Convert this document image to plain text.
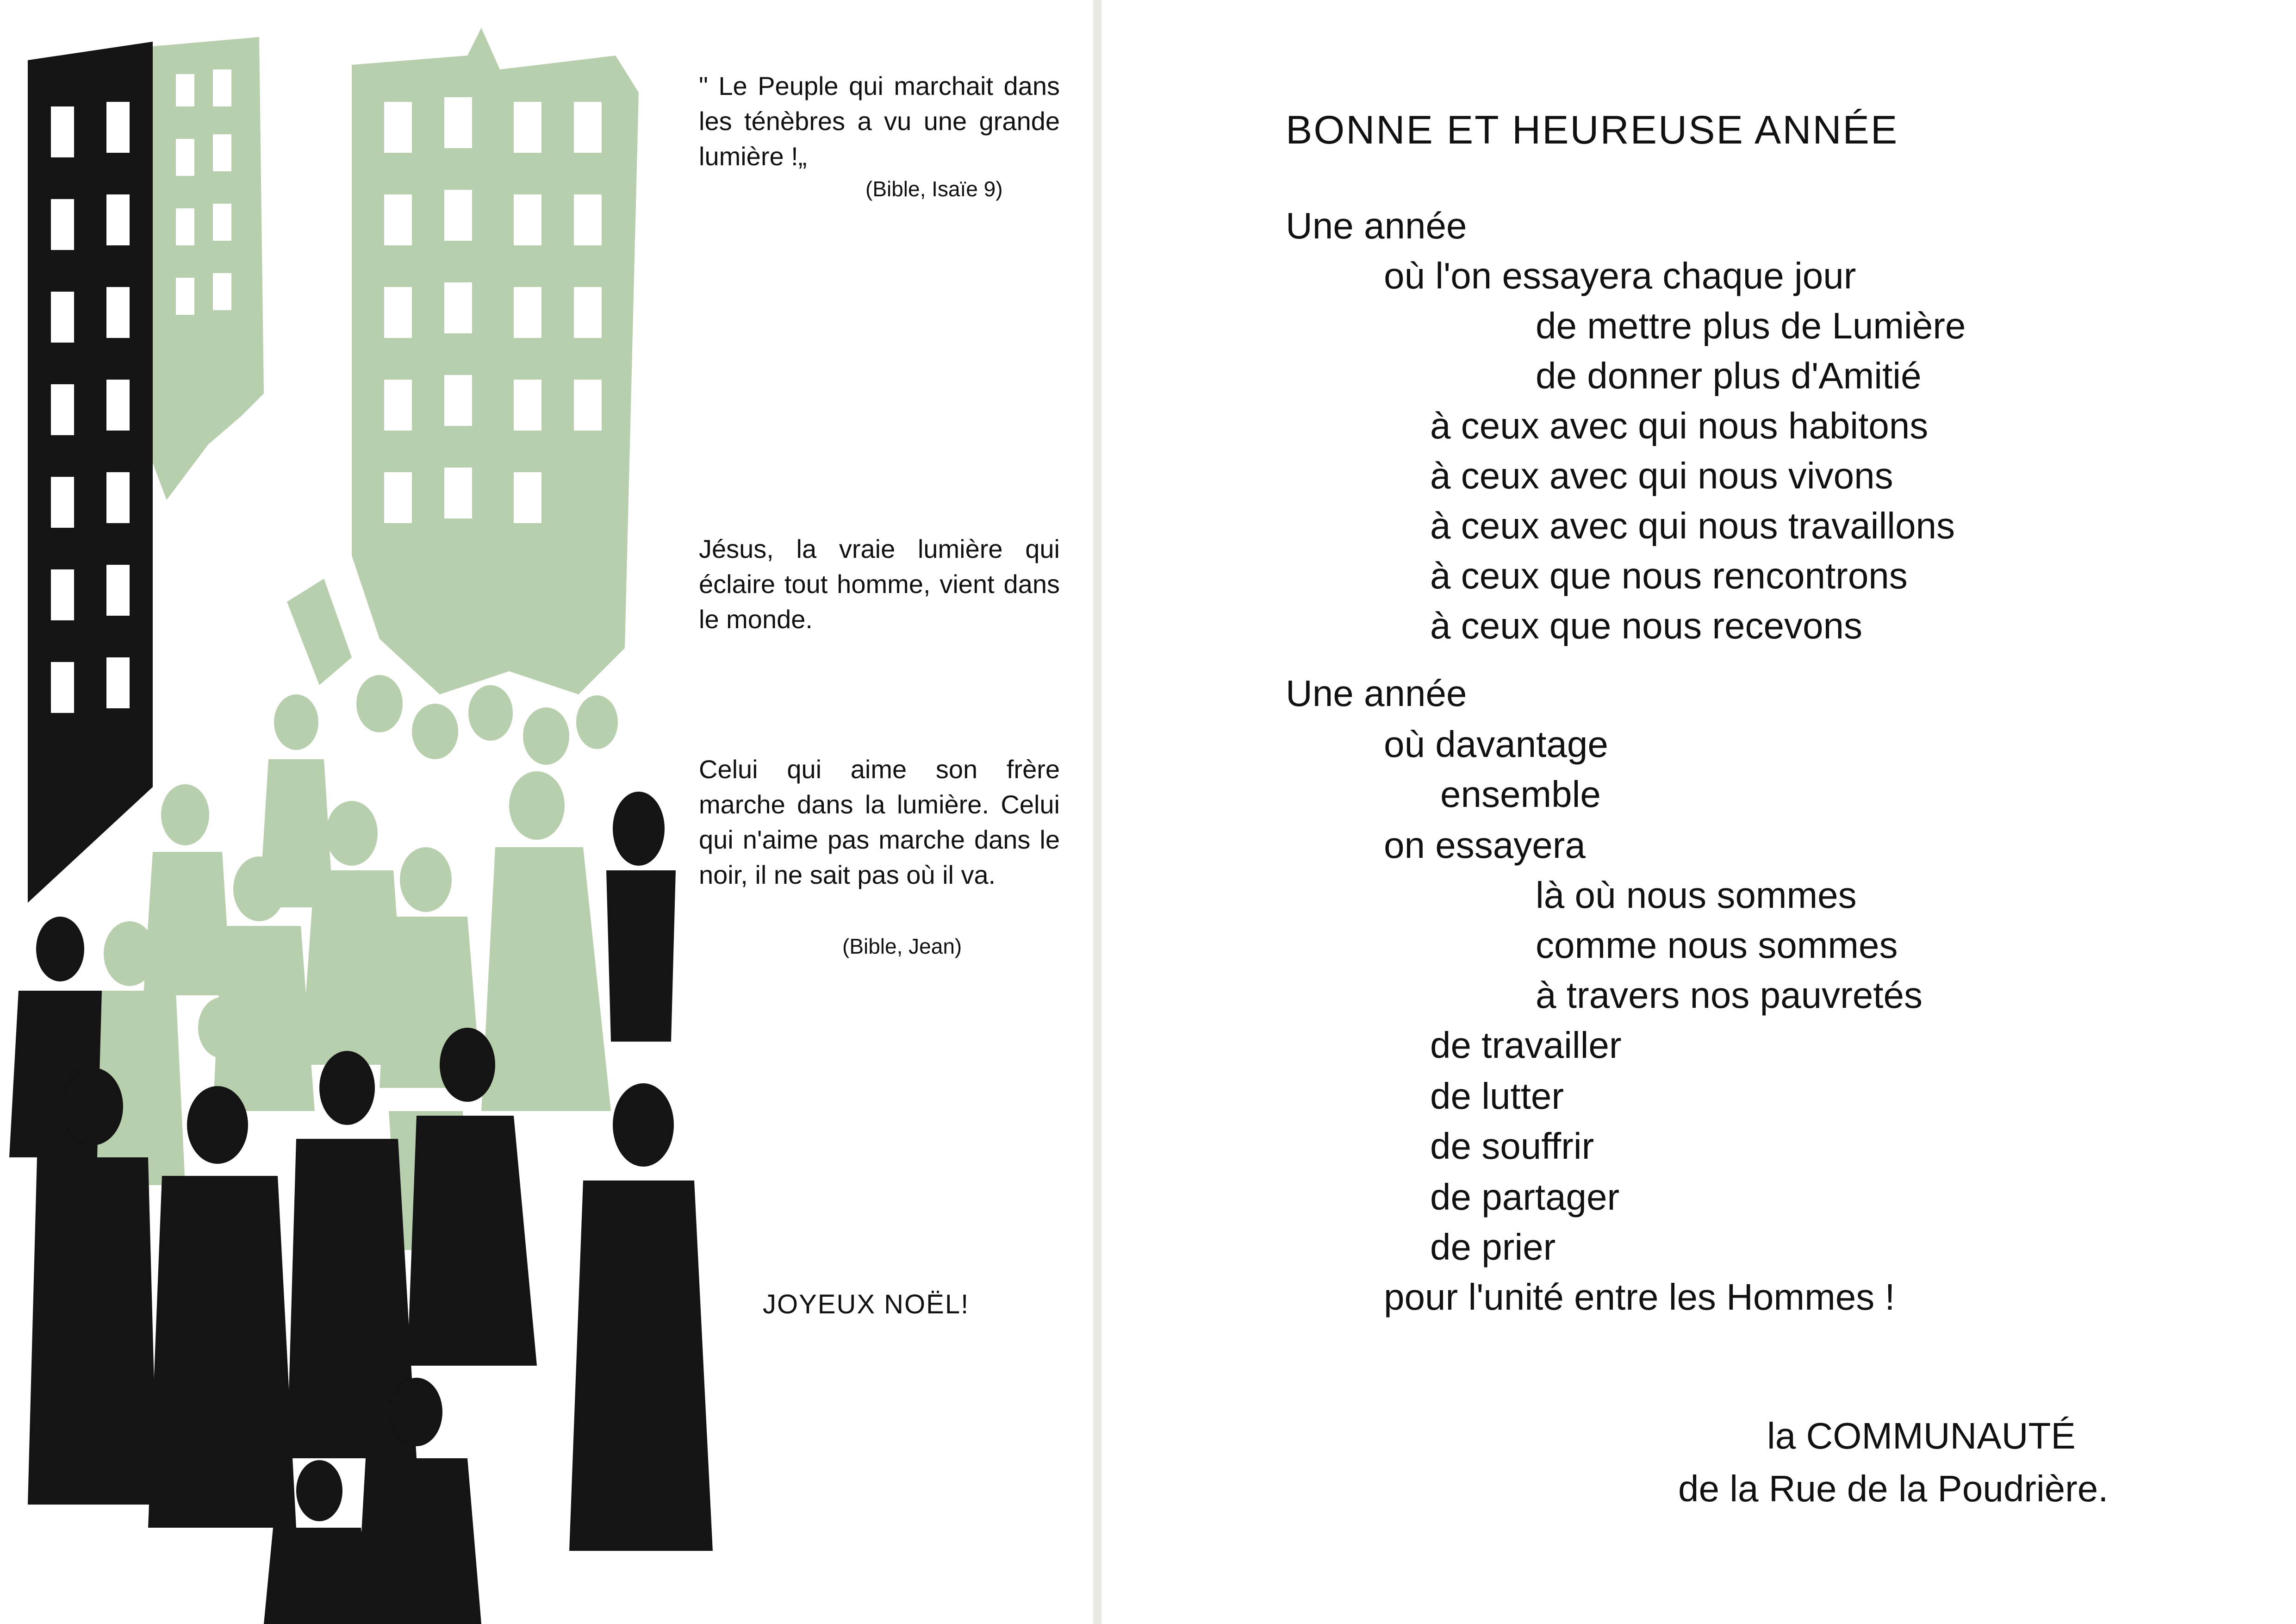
" Le Peuple qui marchait dans les ténèbres a vu une grande lumière !„
(Bible, Isaïe 9)
Jésus, la vraie lumière qui éclaire tout homme, vient dans le monde.
Celui qui aime son frère marche dans la lumière. Celui qui n'aime pas marche dans le noir, il ne sait pas où il va.
(Bible, Jean)
JOYEUX NOËL!
BONNE ET HEUREUSE ANNÉE
Une année
où l'on essayera chaque jour
de mettre plus de Lumière
de donner plus d'Amitié
à ceux avec qui nous habitons
à ceux avec qui nous vivons
à ceux avec qui nous travaillons
à ceux que nous rencontrons
à ceux que nous recevons
Une année
où davantage
ensemble
on essayera
là où nous sommes
comme nous sommes
à travers nos pauvretés
de travailler
de lutter
de souffrir
de partager
de prier
pour l'unité entre les Hommes !
la COMMUNAUTÉ
de la Rue de la Poudrière.
